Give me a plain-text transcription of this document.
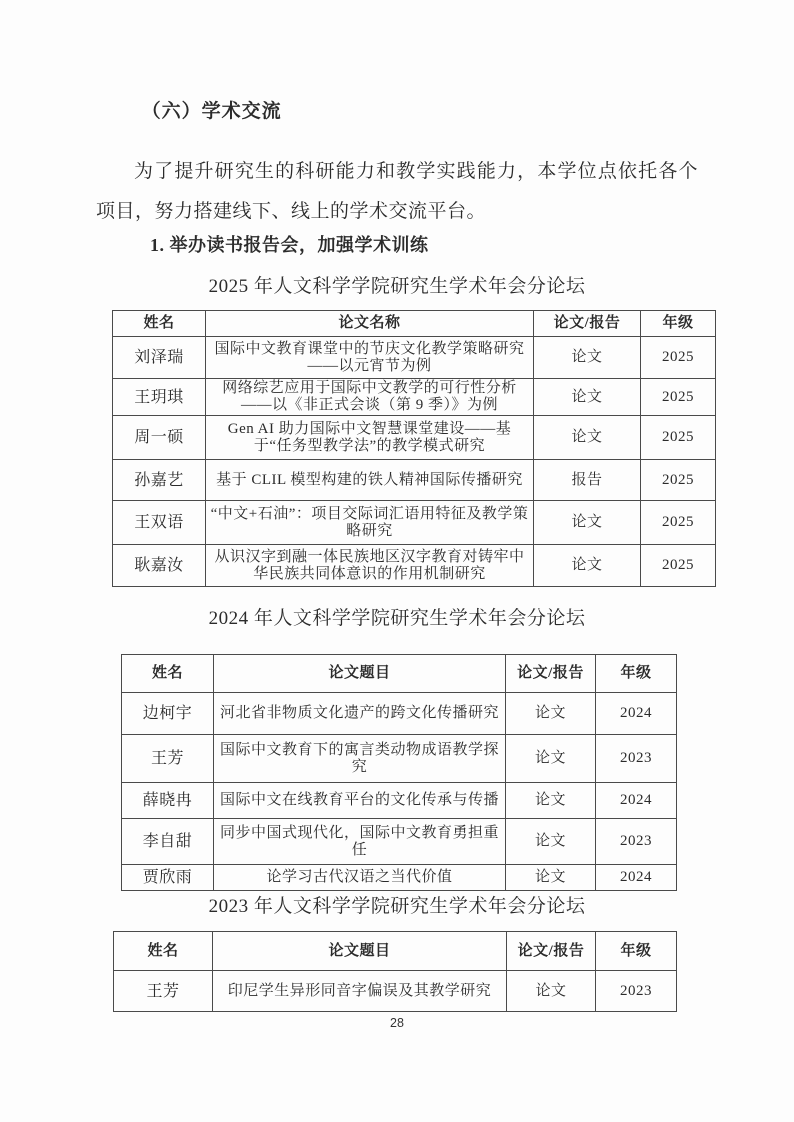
（六）学术交流
为了提升研究生的科研能力和教学实践能力，本学位点依托各个项目，努力搭建线下、线上的学术交流平台。
1. 举办读书报告会，加强学术训练
2025 年人文科学学院研究生学术年会分论坛
姓名	论文名称	论文/报告	年级
刘泽瑞	国际中文教育课堂中的节庆文化教学策略研究——以元宵节为例	论文	2025
王玥琪	网络综艺应用于国际中文教学的可行性分析——以《非正式会谈（第 9 季）》为例	论文	2025
周一硕	Gen AI 助力国际中文智慧课堂建设——基于“任务型教学法”的教学模式研究	论文	2025
孙嘉艺	基于 CLIL 模型构建的铁人精神国际传播研究	报告	2025
王双语	“中文+石油”：项目交际词汇语用特征及教学策略研究	论文	2025
耿嘉汝	从识汉字到融一体民族地区汉字教育对铸牢中华民族共同体意识的作用机制研究	论文	2025
2024 年人文科学学院研究生学术年会分论坛
姓名	论文题目	论文/报告	年级
边柯宇	河北省非物质文化遗产的跨文化传播研究	论文	2024
王芳	国际中文教育下的寓言类动物成语教学探究	论文	2023
薛晓冉	国际中文在线教育平台的文化传承与传播	论文	2024
李自甜	同步中国式现代化，国际中文教育勇担重任	论文	2023
贾欣雨	论学习古代汉语之当代价值	论文	2024
2023 年人文科学学院研究生学术年会分论坛
姓名	论文题目	论文/报告	年级
王芳	印尼学生异形同音字偏误及其教学研究	论文	2023
28
